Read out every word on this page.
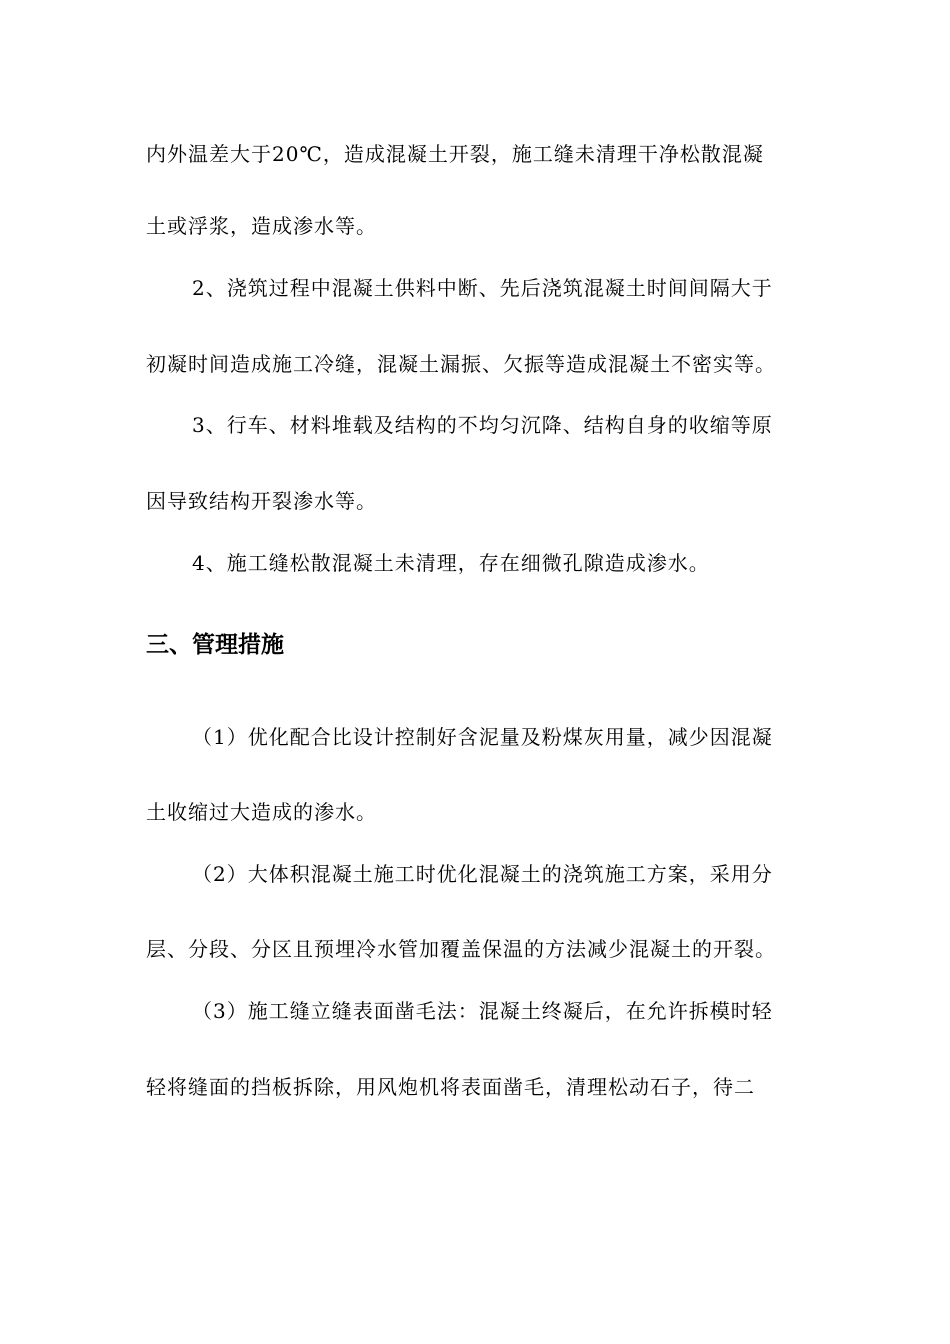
内外温差大于20℃，造成混凝土开裂，施工缝未清理干净松散混凝
土或浮浆，造成渗水等。
2、浇筑过程中混凝土供料中断、先后浇筑混凝土时间间隔大于
初凝时间造成施工冷缝，混凝土漏振、欠振等造成混凝土不密实等。
3、行车、材料堆载及结构的不均匀沉降、结构自身的收缩等原
因导致结构开裂渗水等。
4、施工缝松散混凝土未清理，存在细微孔隙造成渗水。
三、管理措施
（1）优化配合比设计控制好含泥量及粉煤灰用量，减少因混凝
土收缩过大造成的渗水。
（2）大体积混凝土施工时优化混凝土的浇筑施工方案，采用分
层、分段、分区且预埋冷水管加覆盖保温的方法减少混凝土的开裂。
（3）施工缝立缝表面凿毛法：混凝土终凝后，在允许拆模时轻
轻将缝面的挡板拆除，用风炮机将表面凿毛，清理松动石子，待二
